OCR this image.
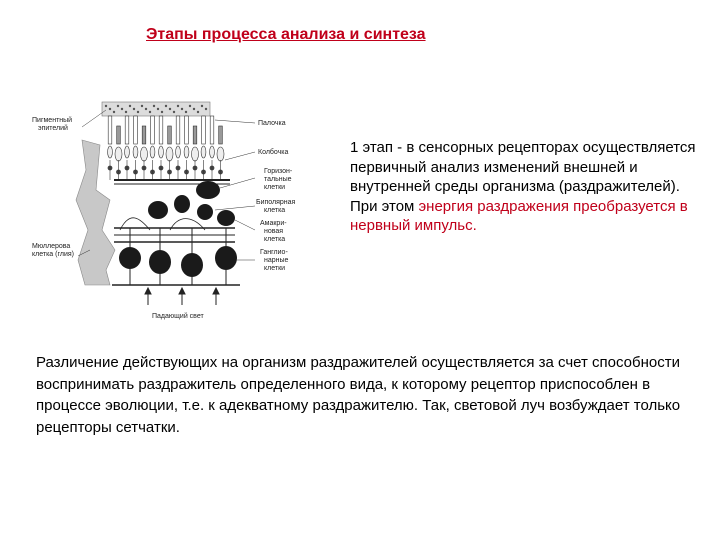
Этапы процесса анализа и синтеза
Пигментный
эпителий
Палочка
Колбочка
Горизон-
тальные
клетки
Биполярная
клетка
Амакри-
новая
клетка
Ганглио-
нарные
клетки
Мюллерова
клетка (глия)
Падающий свет
1 этап - в сенсорных рецепторах осуществляется первичный анализ изменений внешней и внутренней среды организма (раздражителей). При этом энергия раздражения преобразуется в нервный импульс.
Различение действующих на организм раздражителей осуществляется за счет способности воспринимать раздражитель определенного вида, к которому рецептор приспособлен в процессе эволюции, т.е. к адекватному раздражителю. Так, световой луч возбуждает только рецепторы сетчатки.
